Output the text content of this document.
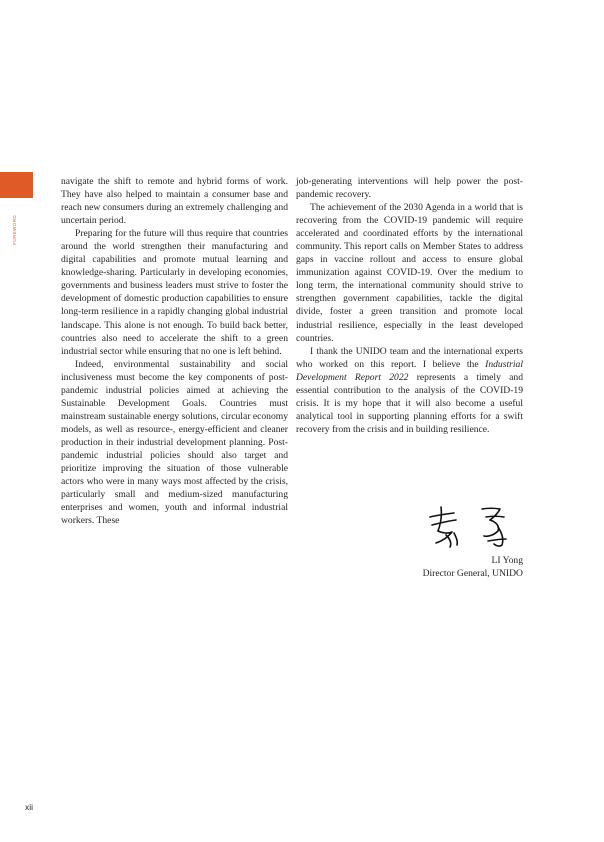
FOREWORD

navigate the shift to remote and hybrid forms of work. They have also helped to maintain a consumer base and reach new consumers during an extremely challenging and uncertain period.

Preparing for the future will thus require that countries around the world strengthen their manufacturing and digital capabilities and promote mutual learning and knowledge-sharing. Particularly in developing economies, governments and business leaders must strive to foster the development of domestic production capabilities to ensure long-term resilience in a rapidly changing global industrial landscape. This alone is not enough. To build back better, countries also need to accelerate the shift to a green industrial sector while ensuring that no one is left behind.

Indeed, environmental sustainability and social inclusiveness must become the key components of post-pandemic industrial policies aimed at achieving the Sustainable Development Goals. Countries must mainstream sustainable energy solutions, circular economy models, as well as resource-, energy-efficient and cleaner production in their industrial development planning. Post-pandemic industrial policies should also target and prioritize improving the situation of those vulnerable actors who were in many ways most affected by the crisis, particularly small and medium-sized manufacturing enterprises and women, youth and informal industrial workers. These

job-generating interventions will help power the post-pandemic recovery.

The achievement of the 2030 Agenda in a world that is recovering from the COVID-19 pandemic will require accelerated and coordinated efforts by the international community. This report calls on Member States to address gaps in vaccine rollout and access to ensure global immunization against COVID-19. Over the medium to long term, the international community should strive to strengthen government capabilities, tackle the digital divide, foster a green transition and promote local industrial resilience, especially in the least developed countries.

I thank the UNIDO team and the international experts who worked on this report. I believe the Industrial Development Report 2022 represents a timely and essential contribution to the analysis of the COVID-19 crisis. It is my hope that it will also become a useful analytical tool in supporting planning efforts for a swift recovery from the crisis and in building resilience.

LI Yong
Director General, UNIDO
xii
